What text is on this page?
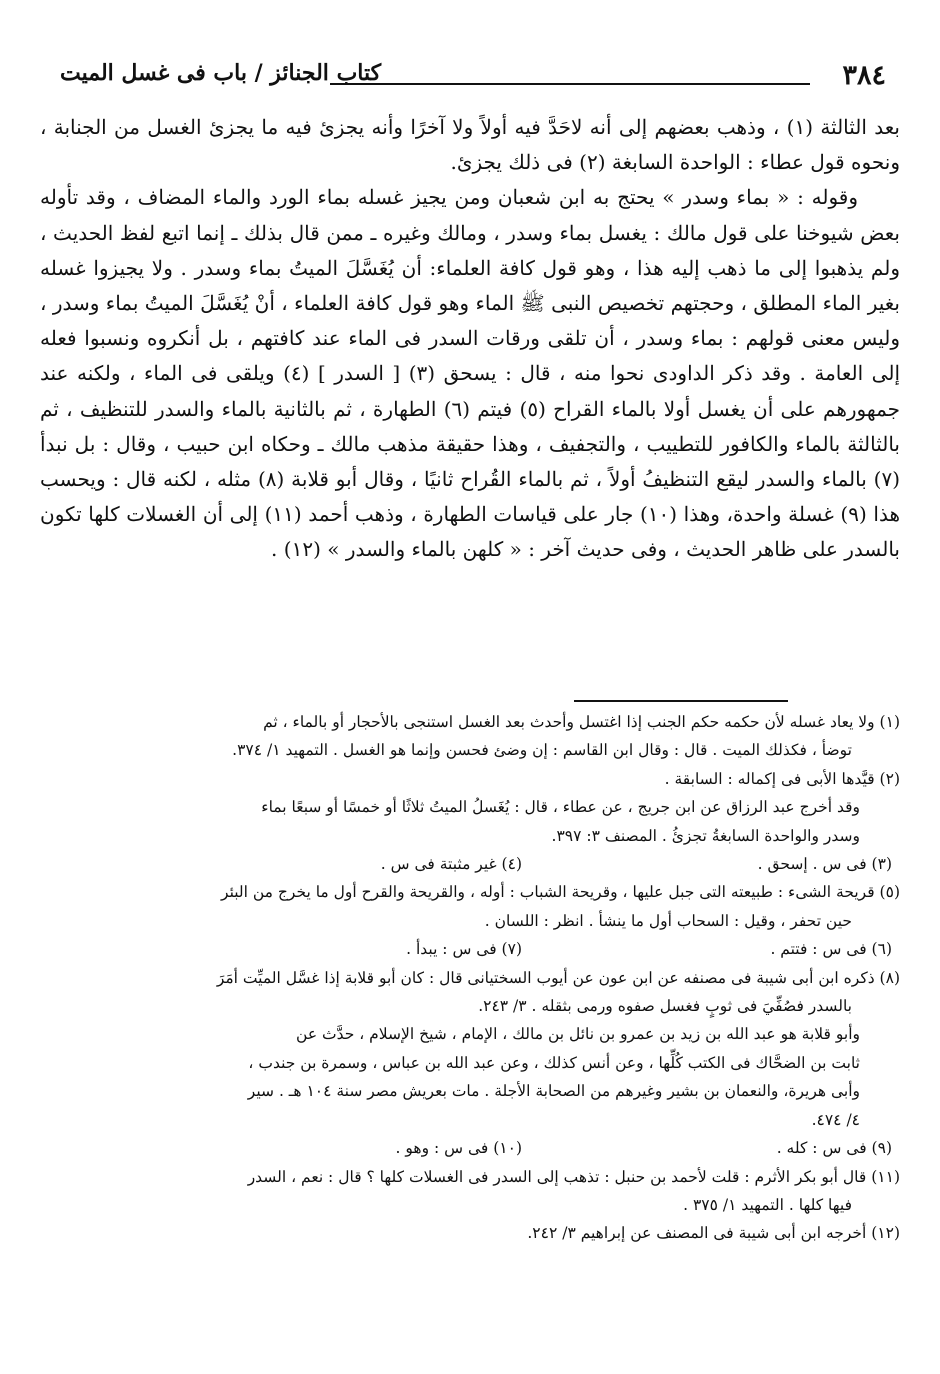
٣٨٤
كتاب الجنائز / باب فى غسل الميت

بعد الثالثة (١) ، وذهب بعضهم إلى أنه لاحَدَّ فيه أولاً ولا آخرًا وأنه يجزئ فيه ما يجزئ الغسل من الجنابة ، ونحوه قول عطاء : الواحدة السابغة (٢) فى ذلك يجزئ.

وقوله : « بماء وسدر » يحتج به ابن شعبان ومن يجيز غسله بماء الورد والماء المضاف ، وقد تأوله بعض شيوخنا على قول مالك : يغسل بماء وسدر ، ومالك وغيره ـ ممن قال بذلك ـ إنما اتبع لفظ الحديث ، ولم يذهبوا إلى ما ذهب إليه هذا ، وهو قول كافة العلماء: أن يُغَسَّلَ الميتُ بماء وسدر . ولا يجيزوا غسله بغير الماء المطلق ، وحجتهم تخصيص النبى ﷺ الماء وهو قول كافة العلماء ، أنْ يُغَسَّلَ الميتُ بماء وسدر ، وليس معنى قولهم : بماء وسدر ، أن تلقى ورقات السدر فى الماء عند كافتهم ، بل أنكروه ونسبوا فعله إلى العامة . وقد ذكر الداودى نحوا منه ، قال : يسحق (٣) [ السدر ] (٤) ويلقى فى الماء ، ولكنه عند جمهورهم على أن يغسل أولا بالماء القراح (٥) فيتم (٦) الطهارة ، ثم بالثانية بالماء والسدر للتنظيف ، ثم بالثالثة بالماء والكافور للتطييب ، والتجفيف ، وهذا حقيقة مذهب مالك ـ وحكاه ابن حبيب ، وقال : بل نبدأ (٧) بالماء والسدر ليقع التنظيفُ أولاً ، ثم بالماء القُراح ثانيًا ، وقال أبو قلابة (٨) مثله ، لكنه قال : ويحسب هذا (٩) غسلة واحدة، وهذا (١٠) جار على قياسات الطهارة ، وذهب أحمد (١١) إلى أن الغسلات كلها تكون بالسدر على ظاهر الحديث ، وفى حديث آخر : « كلهن بالماء والسدر » (١٢) .

(١) ولا يعاد غسله لأن حكمه حكم الجنب إذا اغتسل وأحدث بعد الغسل استنجى بالأحجار أو بالماء ، ثم

توضأ ، فكذلك الميت . قال : وقال ابن القاسم : إن وضئ فحسن وإنما هو الغسل . التمهيد ١/ ٣٧٤.

(٢) قيَّدها الأبى فى إكماله : السابقة .

وقد أخرج عبد الرزاق عن ابن جريج ، عن عطاء ، قال : يُغَسلُ الميتُ ثلاثًا أو خمسًا أو سبعًا بماء

وسدر والواحدة السابغةُ تجزئُ . المصنف ٣: ٣٩٧.

(٣) فى س . إسحق .
(٤) غير مثبتة فى س .

(٥) قريحة الشىء : طبيعته التى جبل عليها ، وقريحة الشباب : أوله ، والقريحة والقرح أول ما يخرج من البئر

حين تحفر ، وقيل : السحاب أول ما ينشأ . انظر : اللسان .

(٦) فى س : فتتم .
(٧) فى س : يبدأ .

(٨) ذكره ابن أبى شيبة فى مصنفه عن ابن عون عن أيوب السختيانى قال : كان أبو قلابة إذا غسَّل الميِّت أمَرَ

بالسدر فصُفِّيَ فى ثوبٍ فغسل صفوه ورمى بثقله . ٣/ ٢٤٣.

وأبو قلابة هو عبد الله بن زيد بن عمرو بن نائل بن مالك ، الإمام ، شيخ الإسلام ، حدَّث عن

ثابت بن الضحَّاك فى الكتب كُلِّها ، وعن أنس كذلك ، وعن عبد الله بن عباس ، وسمرة بن جندب ،

وأبى هريرة، والنعمان بن بشير وغيرهم من الصحابة الأجلة . مات بعريش مصر سنة ١٠٤ هـ . سير

٤/ ٤٧٤.

(٩) فى س : كله .
(١٠) فى س : وهو .

(١١) قال أبو بكر الأثرم : قلت لأحمد بن حنبل : تذهب إلى السدر فى الغسلات كلها ؟ قال : نعم ، السدر

فيها كلها . التمهيد ١/ ٣٧٥ .

(١٢) أخرجه ابن أبى شيبة فى المصنف عن إبراهيم ٣/ ٢٤٢.
